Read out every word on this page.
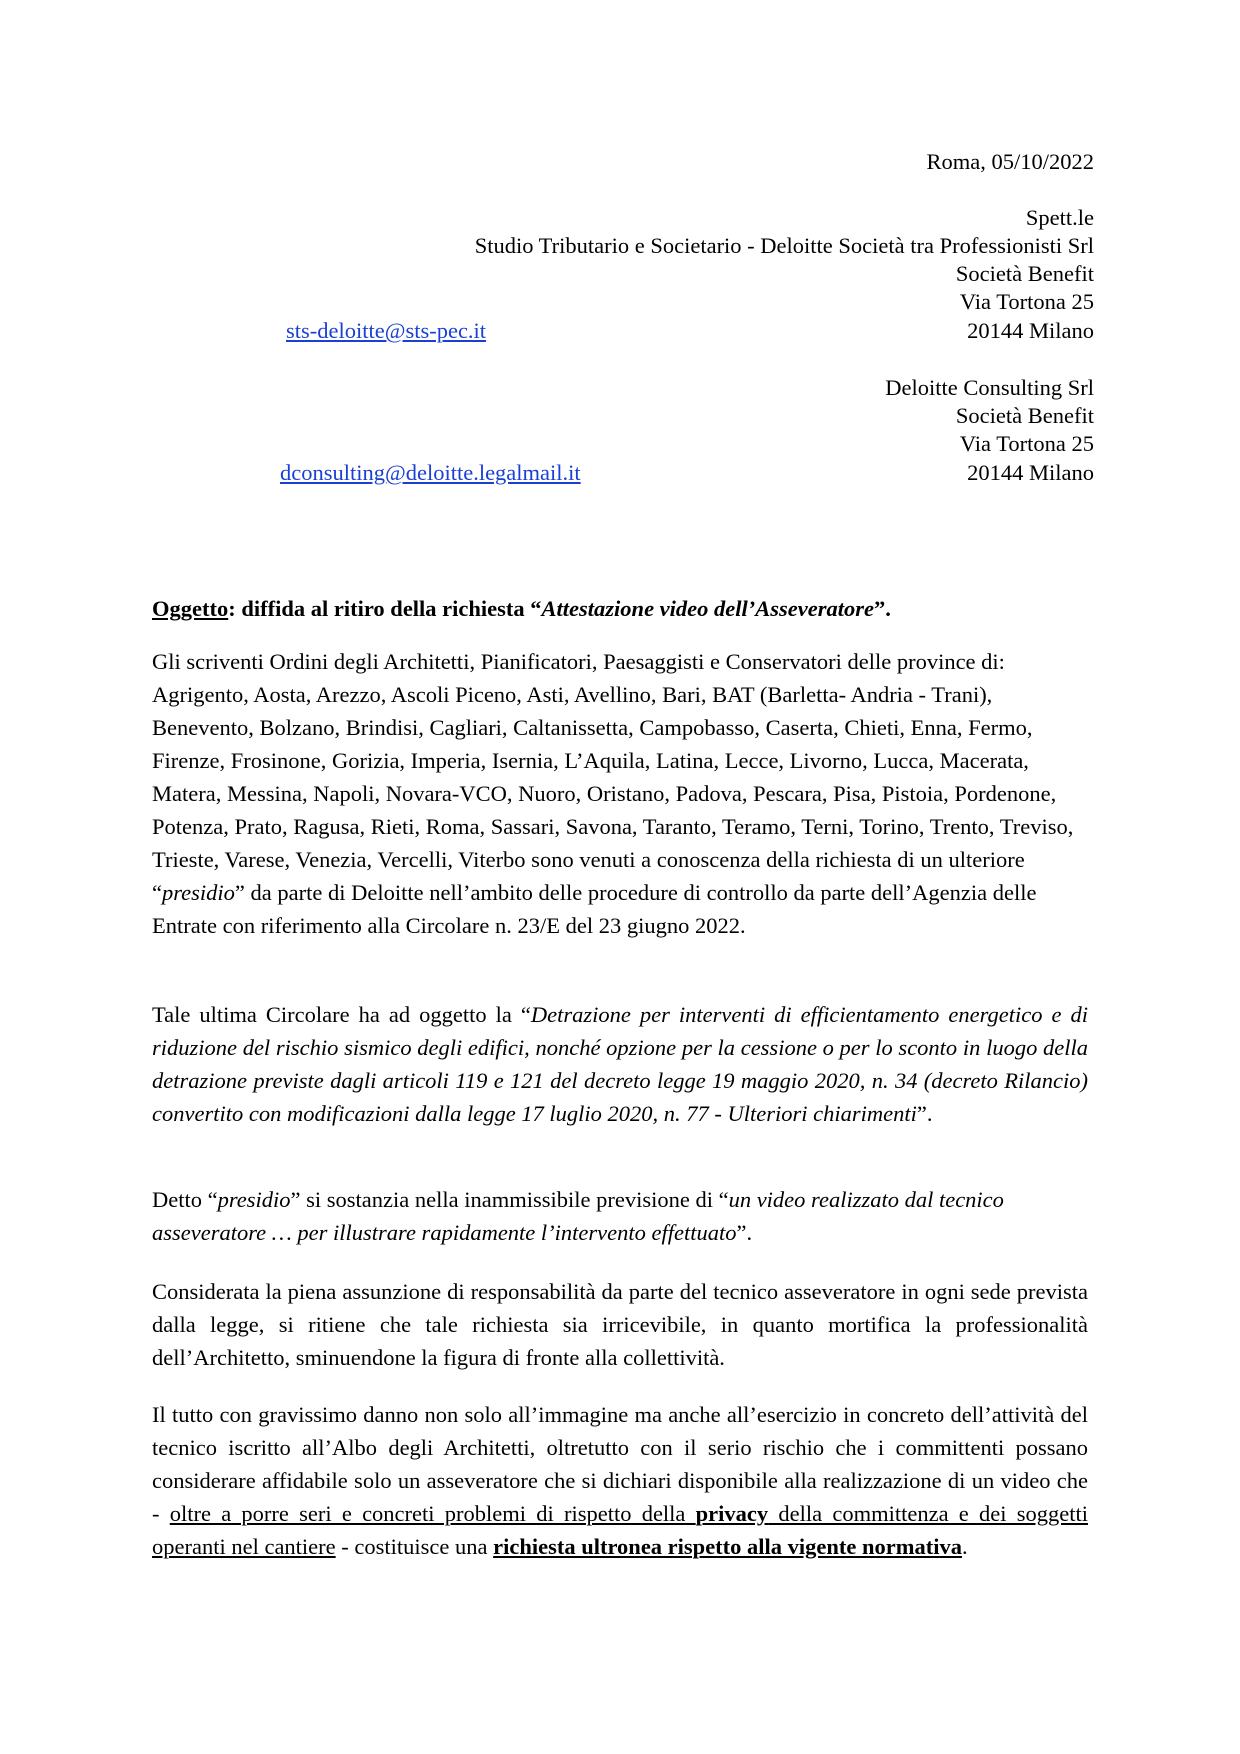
Roma, 05/10/2022
Spett.le
Studio Tributario e Societario - Deloitte Società tra Professionisti Srl
Società Benefit
Via Tortona 25
20144 Milano
sts-deloitte@sts-pec.it
Deloitte Consulting Srl
Società Benefit
Via Tortona 25
20144 Milano
dconsulting@deloitte.legalmail.it

Oggetto: diffida al ritiro della richiesta “Attestazione video dell’Asseveratore”.

Gli scriventi Ordini degli Architetti, Pianificatori, Paesaggisti e Conservatori delle province di: Agrigento, Aosta, Arezzo, Ascoli Piceno, Asti, Avellino, Bari, BAT (Barletta- Andria - Trani), Benevento, Bolzano, Brindisi, Cagliari, Caltanissetta, Campobasso, Caserta, Chieti, Enna, Fermo, Firenze, Frosinone, Gorizia, Imperia, Isernia, L’Aquila, Latina, Lecce, Livorno, Lucca, Macerata, Matera, Messina, Napoli, Novara-VCO, Nuoro, Oristano, Padova, Pescara, Pisa, Pistoia, Pordenone, Potenza, Prato, Ragusa, Rieti, Roma, Sassari, Savona, Taranto, Teramo, Terni, Torino, Trento, Treviso, Trieste, Varese, Venezia, Vercelli, Viterbo sono venuti a conoscenza della richiesta di un ulteriore “presidio” da parte di Deloitte nell’ambito delle procedure di controllo da parte dell’Agenzia delle Entrate con riferimento alla Circolare n. 23/E del 23 giugno 2022.

Tale ultima Circolare ha ad oggetto la “Detrazione per interventi di efficientamento energetico e di riduzione del rischio sismico degli edifici, nonché opzione per la cessione o per lo sconto in luogo della detrazione previste dagli articoli 119 e 121 del decreto legge 19 maggio 2020, n. 34 (decreto Rilancio) convertito con modificazioni dalla legge 17 luglio 2020, n. 77 - Ulteriori chiarimenti”.

Detto “presidio” si sostanzia nella inammissibile previsione di “un video realizzato dal tecnico asseveratore … per illustrare rapidamente l’intervento effettuato”.

Considerata la piena assunzione di responsabilità da parte del tecnico asseveratore in ogni sede prevista dalla legge, si ritiene che tale richiesta sia irricevibile, in quanto mortifica la professionalità dell’Architetto, sminuendone la figura di fronte alla collettività.

Il tutto con gravissimo danno non solo all’immagine ma anche all’esercizio in concreto dell’attività del tecnico iscritto all’Albo degli Architetti, oltretutto con il serio rischio che i committenti possano considerare affidabile solo un asseveratore che si dichiari disponibile alla realizzazione di un video che - oltre a porre seri e concreti problemi di rispetto della privacy della committenza e dei soggetti operanti nel cantiere - costituisce una richiesta ultronea rispetto alla vigente normativa.
